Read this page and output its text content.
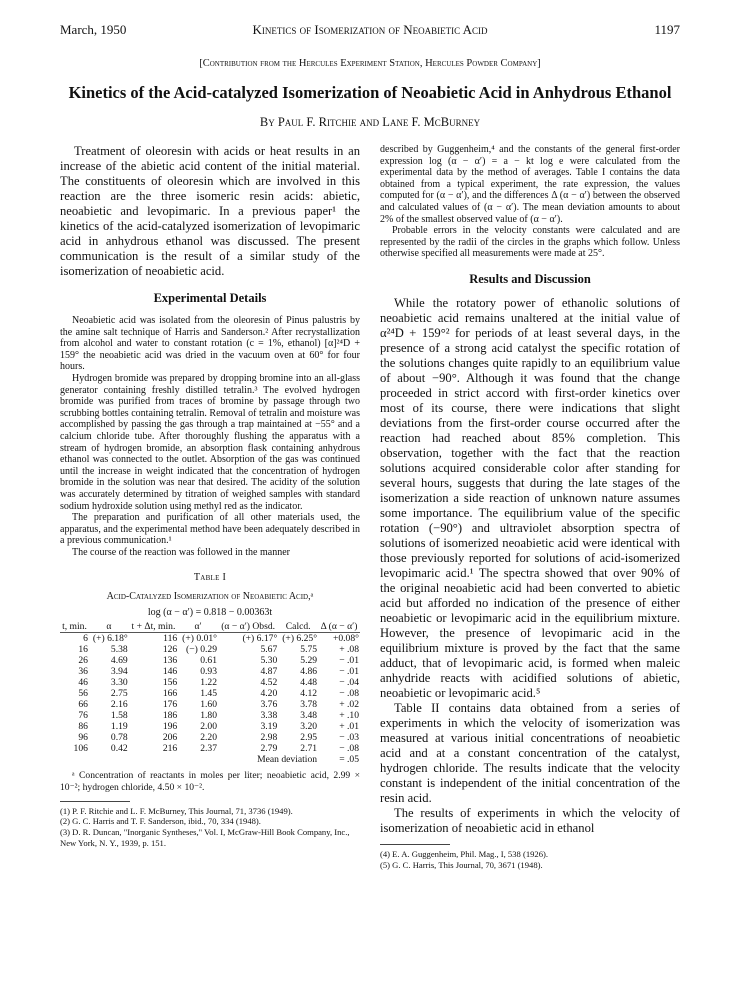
March, 1950	Kinetics of Isomerization of Neoabietic Acid	1197
[Contribution from the Hercules Experiment Station, Hercules Powder Company]
Kinetics of the Acid-catalyzed Isomerization of Neoabietic Acid in Anhydrous Ethanol
By Paul F. Ritchie and Lane F. McBurney

Treatment of oleoresin with acids or heat results in an increase of the abietic acid content of the initial material. The constituents of oleoresin which are involved in this reaction are the three isomeric resin acids: abietic, neoabietic and levopimaric. In a previous paper¹ the kinetics of the acid-catalyzed isomerization of levopimaric acid in anhydrous ethanol was discussed. The present communication is the result of a similar study of the isomerization of neoabietic acid.

Experimental Details

Neoabietic acid was isolated from the oleoresin of Pinus palustris by the amine salt technique of Harris and Sanderson.² After recrystallization from alcohol and water to constant rotation (c = 1%, ethanol) [α]²⁴D + 159° the neoabietic acid was dried in the vacuum oven at 60° for four hours.

Hydrogen bromide was prepared by dropping bromine into an all-glass generator containing freshly distilled tetralin.³ The evolved hydrogen bromide was purified from traces of bromine by passage through two scrubbing bottles containing tetralin. Removal of tetralin and moisture was accomplished by passing the gas through a trap maintained at −55° and a calcium chloride tube. After thoroughly flushing the apparatus with a stream of hydrogen bromide, an absorption flask containing anhydrous ethanol was connected to the outlet. Absorption of the gas was continued until the increase in weight indicated that the concentration of hydrogen bromide in the solution was near that desired. The acidity of the solution was accurately determined by titration of weighed samples with standard sodium hydroxide solution using methyl red as the indicator.

The preparation and purification of all other materials used, the apparatus, and the experimental method have been adequately described in a previous communication.¹

The course of the reaction was followed in the manner

Table I
Acid-Catalyzed Isomerization of Neoabietic Acid,ᵃ
log (α − α′) = 0.818 − 0.00363t
t, min.	α	t + Δt, min.	α′	(α − α′) Obsd.	Calcd.	Δ (α − α′)
6	(+) 6.18°	116	(+) 0.01°	(+) 6.17°	(+) 6.25°	+0.08°
16	5.38	126	(−) 0.29	5.67	5.75	+ .08
26	4.69	136	0.61	5.30	5.29	− .01
36	3.94	146	0.93	4.87	4.86	− .01
46	3.30	156	1.22	4.52	4.48	− .04
56	2.75	166	1.45	4.20	4.12	− .08
66	2.16	176	1.60	3.76	3.78	+ .02
76	1.58	186	1.80	3.38	3.48	+ .10
86	1.19	196	2.00	3.19	3.20	+ .01
96	0.78	206	2.20	2.98	2.95	− .03
106	0.42	216	2.37	2.79	2.71	− .08
Mean deviation						= .05

ᵃ Concentration of reactants in moles per liter; neoabietic acid, 2.99 × 10⁻²; hydrogen chloride, 4.50 × 10⁻².

(1) P. F. Ritchie and L. F. McBurney, This Journal, 71, 3736 (1949).

(2) G. C. Harris and T. F. Sanderson, ibid., 70, 334 (1948).

(3) D. R. Duncan, "Inorganic Syntheses," Vol. I, McGraw-Hill Book Company, Inc., New York, N. Y., 1939, p. 151.

described by Guggenheim,⁴ and the constants of the general first-order expression log (α − α′) = a − kt log e were calculated from the experimental data by the method of averages. Table I contains the data obtained from a typical experiment, the rate expression, the values computed for (α − α′), and the differences Δ (α − α′) between the observed and calculated values of (α − α′). The mean deviation amounts to about 2% of the smallest observed value of (α − α′).

Probable errors in the velocity constants were calculated and are represented by the radii of the circles in the graphs which follow. Unless otherwise specified all measurements were made at 25°.

Results and Discussion

While the rotatory power of ethanolic solutions of neoabietic acid remains unaltered at the initial value of α²⁴D + 159°² for periods of at least several days, in the presence of a strong acid catalyst the specific rotation of the solutions changes quite rapidly to an equilibrium value of about −90°. Although it was found that the change proceeded in strict accord with first-order kinetics over most of its course, there were indications that slight deviations from the first-order course occurred after the reaction had reached about 85% completion. This observation, together with the fact that the reaction solutions acquired considerable color after standing for several hours, suggests that during the late stages of the isomerization a side reaction of unknown nature assumes some importance. The equilibrium value of the specific rotation (−90°) and ultraviolet absorption spectra of solutions of isomerized neoabietic acid were identical with those previously reported for solutions of acid-isomerized levopimaric acid.¹ The spectra showed that over 90% of the original neoabietic acid had been converted to abietic acid but afforded no indication of the presence of either neoabietic or levopimaric acid in the equilibrium mixture. However, the presence of levopimaric acid in the equilibrium mixture is proved by the fact that the same adduct, that of levopimaric acid, is formed when maleic anhydride reacts with acidified solutions of abietic, neoabietic or levopimaric acid.⁵

Table II contains data obtained from a series of experiments in which the velocity of isomerization was measured at various initial concentrations of neoabietic acid and at a constant concentration of the catalyst, hydrogen chloride. The results indicate that the velocity constant is independent of the initial concentration of the resin acid.

The results of experiments in which the velocity of isomerization of neoabietic acid in ethanol

(4) E. A. Guggenheim, Phil. Mag., I, 538 (1926).

(5) G. C. Harris, This Journal, 70, 3671 (1948).
